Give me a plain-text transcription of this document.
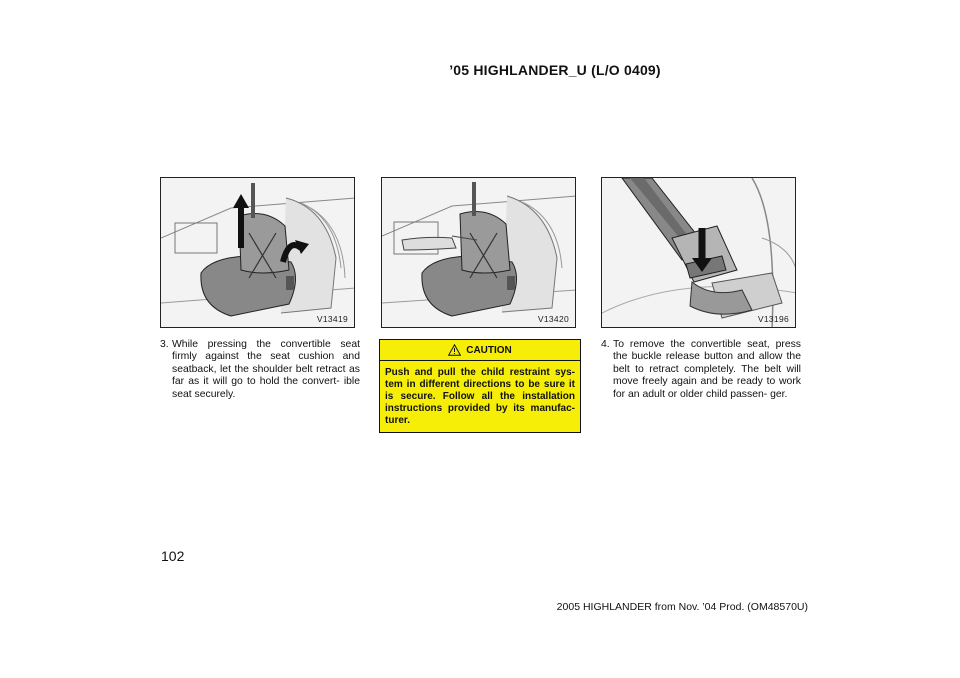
’05 HIGHLANDER_U (L/O 0409)
V13419	V13420	V13196
3. While pressing the convertible seat firmly against the seat cushion and seatback, let the shoulder belt retract as far as it will go to hold the convert- ible seat securely.
CAUTION
Push and pull the child restraint sys- tem in different directions to be sure it is secure. Follow all the installation instructions provided by its manufac- turer.
4. To remove the convertible seat, press the buckle release button and allow the belt to retract completely. The belt will move freely again and be ready to work for an adult or older child passen- ger.
102
2005 HIGHLANDER from Nov. ’04 Prod. (OM48570U)
